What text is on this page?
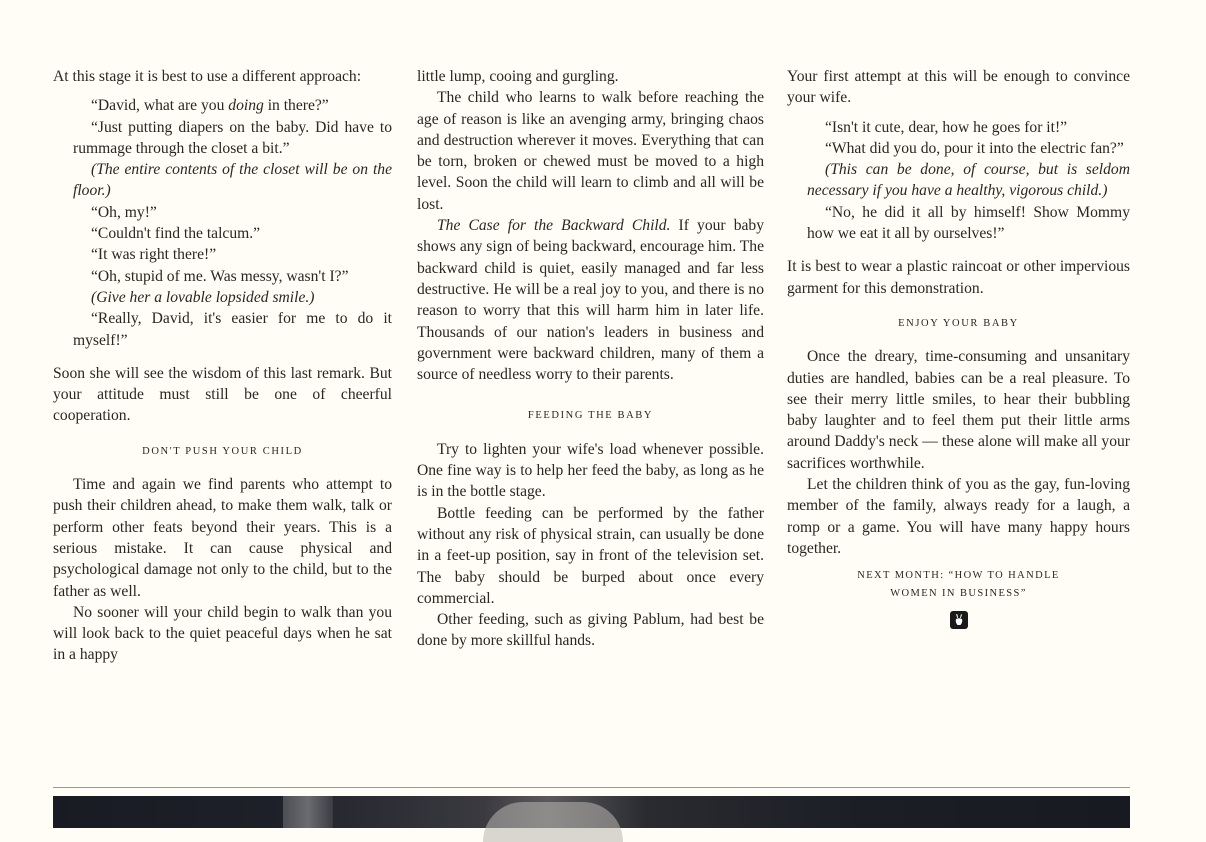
At this stage it is best to use a different approach:

“David, what are you doing in there?”

“Just putting diapers on the baby. Did have to rummage through the closet a bit.”

(The entire contents of the closet will be on the floor.)

“Oh, my!”

“Couldn't find the talcum.”

“It was right there!”

“Oh, stupid of me. Was messy, wasn't I?”

(Give her a lovable lopsided smile.)

“Really, David, it's easier for me to do it myself!”

Soon she will see the wisdom of this last remark. But your attitude must still be one of cheerful cooperation.

DON'T PUSH YOUR CHILD

Time and again we find parents who attempt to push their children ahead, to make them walk, talk or perform other feats beyond their years. This is a serious mistake. It can cause physical and psychological damage not only to the child, but to the father as well.

No sooner will your child begin to walk than you will look back to the quiet peaceful days when he sat in a happy

little lump, cooing and gurgling.

The child who learns to walk before reaching the age of reason is like an avenging army, bringing chaos and destruction wherever it moves. Everything that can be torn, broken or chewed must be moved to a high level. Soon the child will learn to climb and all will be lost.

The Case for the Backward Child. If your baby shows any sign of being backward, encourage him. The backward child is quiet, easily managed and far less destructive. He will be a real joy to you, and there is no reason to worry that this will harm him in later life. Thousands of our nation's leaders in business and government were backward children, many of them a source of needless worry to their parents.

FEEDING THE BABY

Try to lighten your wife's load whenever possible. One fine way is to help her feed the baby, as long as he is in the bottle stage.

Bottle feeding can be performed by the father without any risk of physical strain, can usually be done in a feet-up position, say in front of the television set. The baby should be burped about once every commercial.

Other feeding, such as giving Pablum, had best be done by more skillful hands.

Your first attempt at this will be enough to convince your wife.

“Isn't it cute, dear, how he goes for it!”

“What did you do, pour it into the electric fan?”

(This can be done, of course, but is seldom necessary if you have a healthy, vigorous child.)

“No, he did it all by himself! Show Mommy how we eat it all by ourselves!”

It is best to wear a plastic raincoat or other impervious garment for this demonstration.

ENJOY YOUR BABY

Once the dreary, time-consuming and unsanitary duties are handled, babies can be a real pleasure. To see their merry little smiles, to hear their bubbling baby laughter and to feel them put their little arms around Daddy's neck — these alone will make all your sacrifices worthwhile.

Let the children think of you as the gay, fun-loving member of the family, always ready for a laugh, a romp or a game. You will have many happy hours together.

NEXT MONTH: “HOW TO HANDLE
WOMEN IN BUSINESS”
